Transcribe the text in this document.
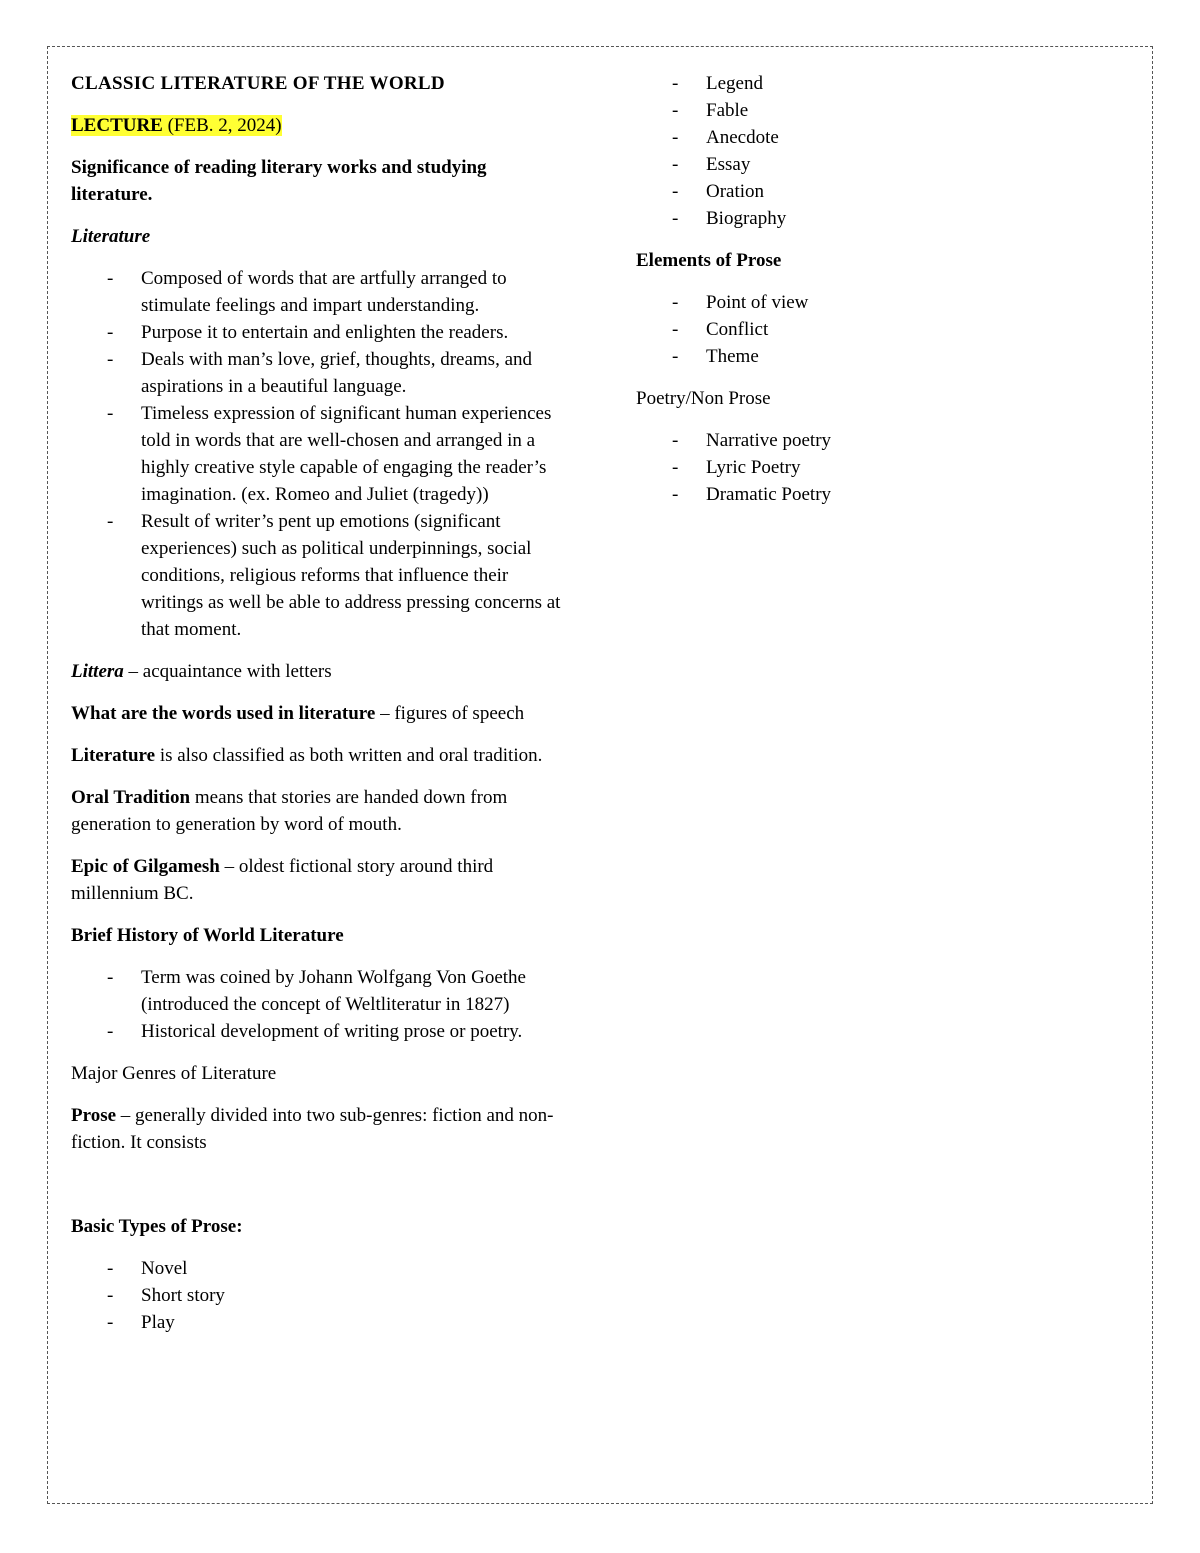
CLASSIC LITERATURE OF THE WORLD

LECTURE (FEB. 2, 2024)

Significance of reading literary works and studying literature.

Literature

- Composed of words that are artfully arranged to stimulate feelings and impart understanding.
- Purpose it to entertain and enlighten the readers.
- Deals with man’s love, grief, thoughts, dreams, and aspirations in a beautiful language.
- Timeless expression of significant human experiences told in words that are well-chosen and arranged in a highly creative style capable of engaging the reader’s imagination. (ex. Romeo and Juliet (tragedy))
- Result of writer’s pent up emotions (significant experiences) such as political underpinnings, social conditions, religious reforms that influence their writings as well be able to address pressing concerns at that moment.

Littera – acquaintance with letters

What are the words used in literature – figures of speech

Literature is also classified as both written and oral tradition.

Oral Tradition means that stories are handed down from generation to generation by word of mouth.

Epic of Gilgamesh – oldest fictional story around third millennium BC.

Brief History of World Literature

- Term was coined by Johann Wolfgang Von Goethe (introduced the concept of Weltliteratur in 1827)
- Historical development of writing prose or poetry.

Major Genres of Literature

Prose – generally divided into two sub-genres: fiction and non-fiction. It consists

Basic Types of Prose:

- Novel
- Short story
- Play
- Legend
- Fable
- Anecdote
- Essay
- Oration
- Biography

Elements of Prose

- Point of view
- Conflict
- Theme

Poetry/Non Prose

- Narrative poetry
- Lyric Poetry
- Dramatic Poetry
